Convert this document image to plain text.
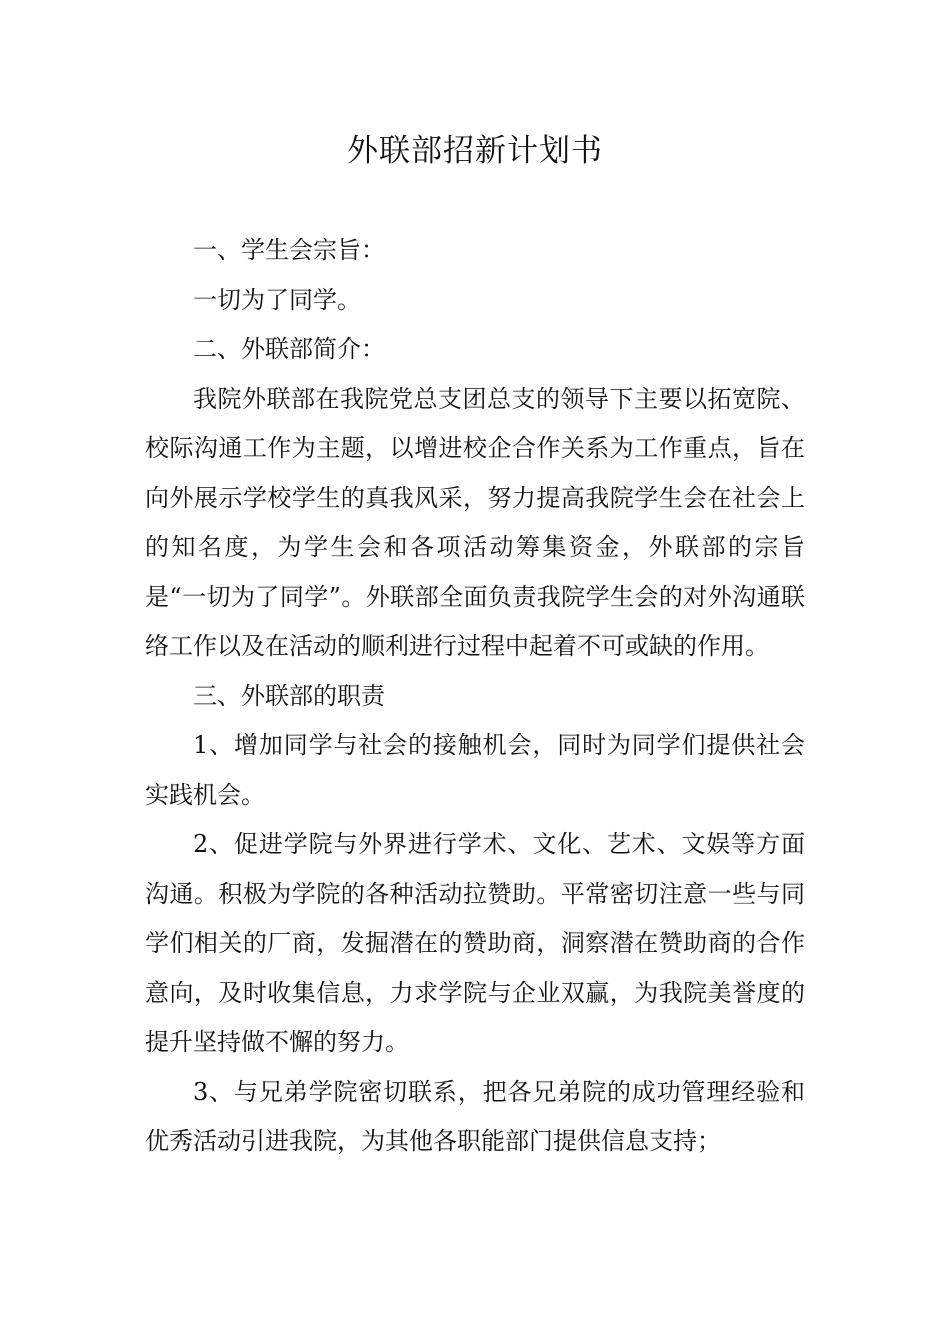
外联部招新计划书

一、学生会宗旨：

一切为了同学。

二、外联部简介：

我院外联部在我院党总支团总支的领导下主要以拓宽院、校际沟通工作为主题，以增进校企合作关系为工作重点，旨在向外展示学校学生的真我风采，努力提高我院学生会在社会上的知名度，为学生会和各项活动筹集资金，外联部的宗旨是“一切为了同学”。外联部全面负责我院学生会的对外沟通联络工作以及在活动的顺利进行过程中起着不可或缺的作用。

三、外联部的职责

1、增加同学与社会的接触机会，同时为同学们提供社会实践机会。

2、促进学院与外界进行学术、文化、艺术、文娱等方面沟通。积极为学院的各种活动拉赞助。平常密切注意一些与同学们相关的厂商，发掘潜在的赞助商，洞察潜在赞助商的合作意向，及时收集信息，力求学院与企业双赢，为我院美誉度的提升坚持做不懈的努力。

3、与兄弟学院密切联系，把各兄弟院的成功管理经验和优秀活动引进我院，为其他各职能部门提供信息支持；
